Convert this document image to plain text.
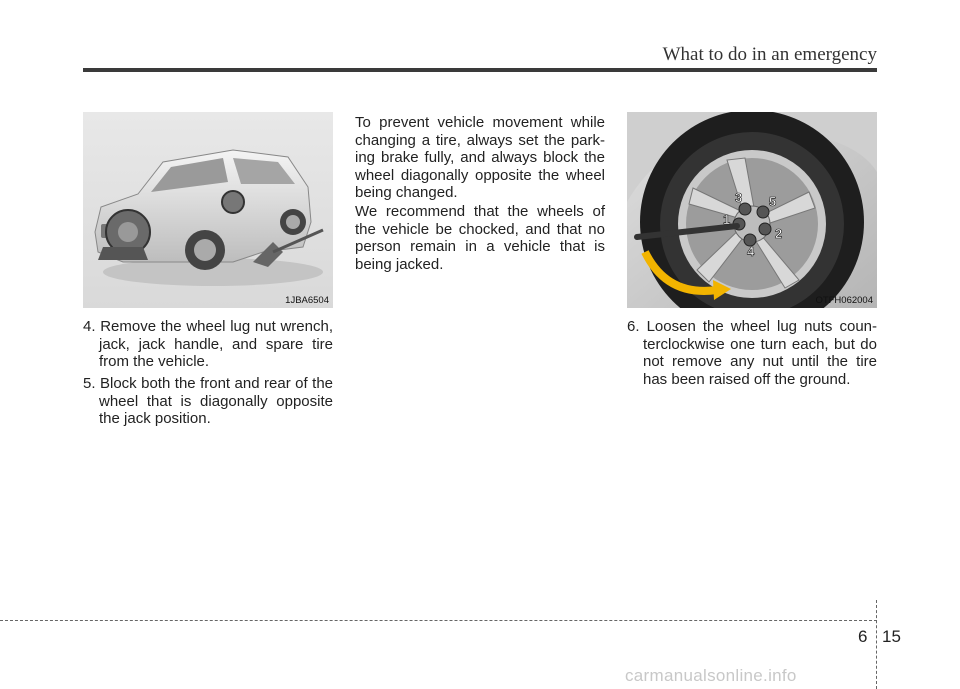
What to do in an emergency
1JBA6504
1
2
3
4
5
OTFH062004
4. Remove the wheel lug nut wrench, jack, jack handle, and spare tire from the vehicle.
5. Block both the front and rear of the wheel that is diagonally opposite the jack position.
To prevent vehicle movement while changing a tire, always set the park-ing brake fully, and always block the wheel diagonally opposite the wheel being changed.
We recommend that the wheels of the vehicle be chocked, and that no person remain in a vehicle that is being jacked.
6. Loosen the wheel lug nuts coun-terclockwise one turn each, but do not remove any nut until the tire has been raised off the ground.
6 15
carmanualsonline.info
